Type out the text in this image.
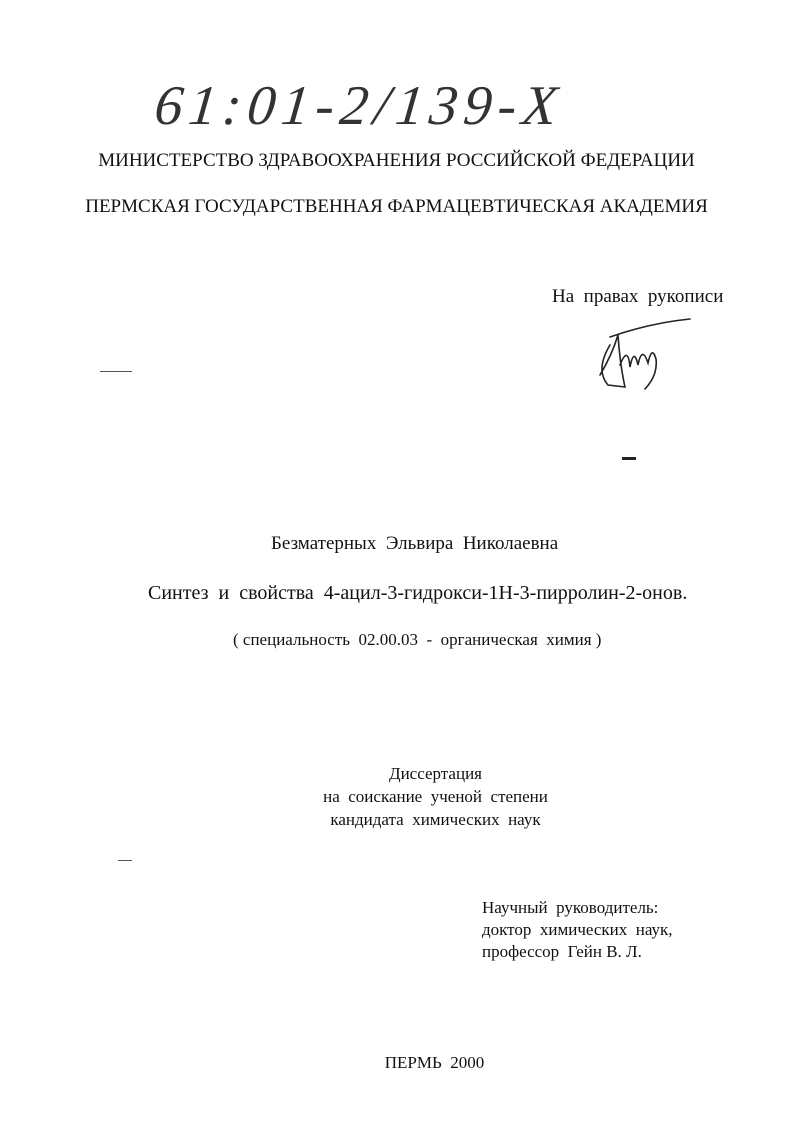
61:01-2/139-X
МИНИСТЕРСТВО ЗДРАВООХРАНЕНИЯ РОССИЙСКОЙ ФЕДЕРАЦИИ
ПЕРМСКАЯ ГОСУДАРСТВЕННАЯ ФАРМАЦЕВТИЧЕСКАЯ АКАДЕМИЯ
На  правах  рукописи
Безматерных  Эльвира  Николаевна
Синтез  и  свойства  4-ацил-3-гидрокси-1Н-3-пирролин-2-онов.
( специальность  02.00.03  -  органическая  химия )
Диссертация
на  соискание  ученой  степени
кандидата  химических  наук
Научный  руководитель:
доктор  химических  наук,
профессор  Гейн В. Л.
ПЕРМЬ  2000
